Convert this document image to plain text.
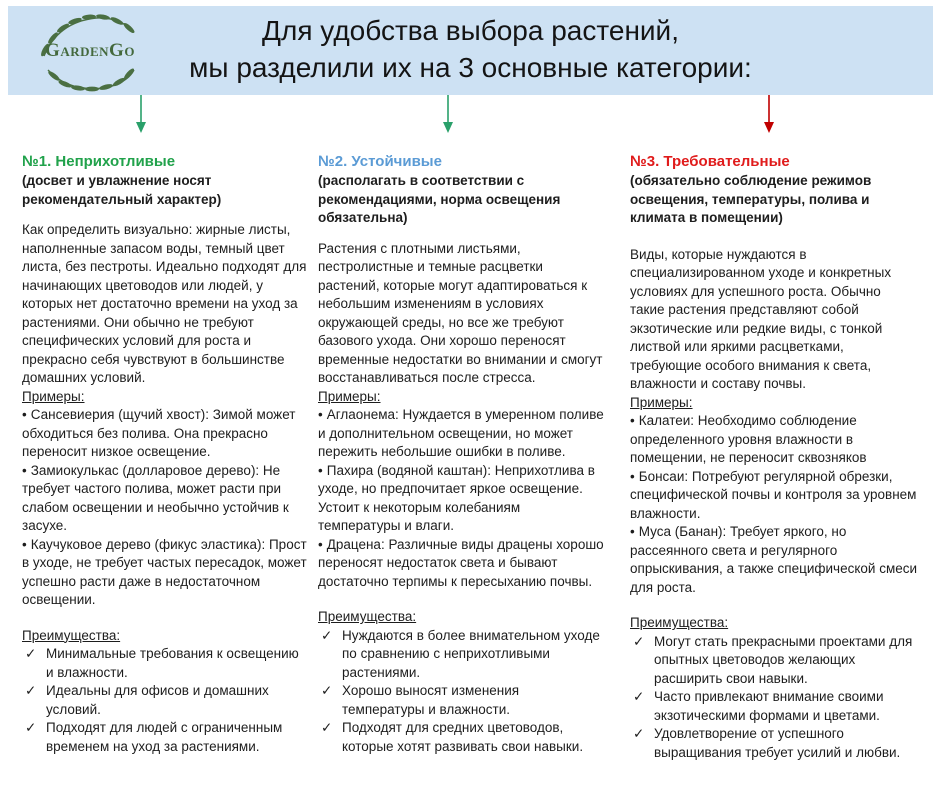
GardenGo
Для удобства выбора растений,
мы разделили их на 3 основные категории:
№1. Неприхотливые
(досвет и увлажнение носят рекомендательный характер)

Как определить визуально: жирные листы, наполненные запасом воды, темный цвет листа, без пестроты. Идеально подходят для начинающих цветоводов или людей, у которых нет достаточно времени на уход за растениями. Они обычно не требуют специфических условий для роста и прекрасно себя чувствуют в большинстве домашних условий.

Примеры:
• Сансевиерия (щучий хвост): Зимой может обходиться без полива. Она прекрасно переносит низкое освещение.
• Замиокулькас (долларовое дерево): Не требует частого полива, может расти при слабом освещении и необычно устойчив к засухе.
• Каучуковое дерево (фикус эластика): Прост в уходе, не требует частых пересадок, может успешно расти даже в недостаточном освещении.
Преимущества:
✓ Минимальные требования к освещению и влажности.
✓ Идеальны для офисов и домашних условий.
✓ Подходят для людей с ограниченным временем на уход за растениями.
№2. Устойчивые
(располагать в соответствии с рекомендациями, норма освещения обязательна)

Растения с плотными листьями, пестролистные и темные расцветки растений, которые могут адаптироваться к небольшим изменениям в условиях окружающей среды, но все же требуют базового ухода. Они хорошо переносят временные недостатки во внимании и смогут восстанавливаться после стресса.

Примеры:
• Аглаонема: Нуждается в умеренном поливе и дополнительном освещении, но может пережить небольшие ошибки в поливе.
• Пахира (водяной каштан): Неприхотлива в уходе, но предпочитает яркое освещение. Устоит к некоторым колебаниям температуры и влаги.
• Драцена: Различные виды драцены хорошо переносят недостаток света и бывают достаточно терпимы к пересыханию почвы.
Преимущества:
✓ Нуждаются в более внимательном уходе по сравнению с неприхотливыми растениями.
✓ Хорошо выносят изменения температуры и влажности.
✓ Подходят для средних цветоводов, которые хотят развивать свои навыки.
№3. Требовательные
(обязательно соблюдение режимов освещения, температуры, полива и климата в помещении)

Виды, которые нуждаются в специализированном уходе и конкретных условиях для успешного роста. Обычно такие растения представляют собой экзотические или редкие виды, с тонкой листвой или яркими расцветками, требующие особого внимания к света, влажности и составу почвы.

Примеры:
• Калатеи: Необходимо соблюдение определенного уровня влажности в помещении, не переносит сквозняков
• Бонсаи: Потребуют регулярной обрезки, специфической почвы и контроля за уровнем влажности.
• Муса (Банан): Требует яркого, но рассеянного света и регулярного опрыскивания, а также специфической смеси для роста.
Преимущества:
✓ Могут стать прекрасными проектами для опытных цветоводов желающих расширить свои навыки.
✓ Часто привлекают внимание своими экзотическими формами и цветами.
✓ Удовлетворение от успешного выращивания требует усилий и любви.
